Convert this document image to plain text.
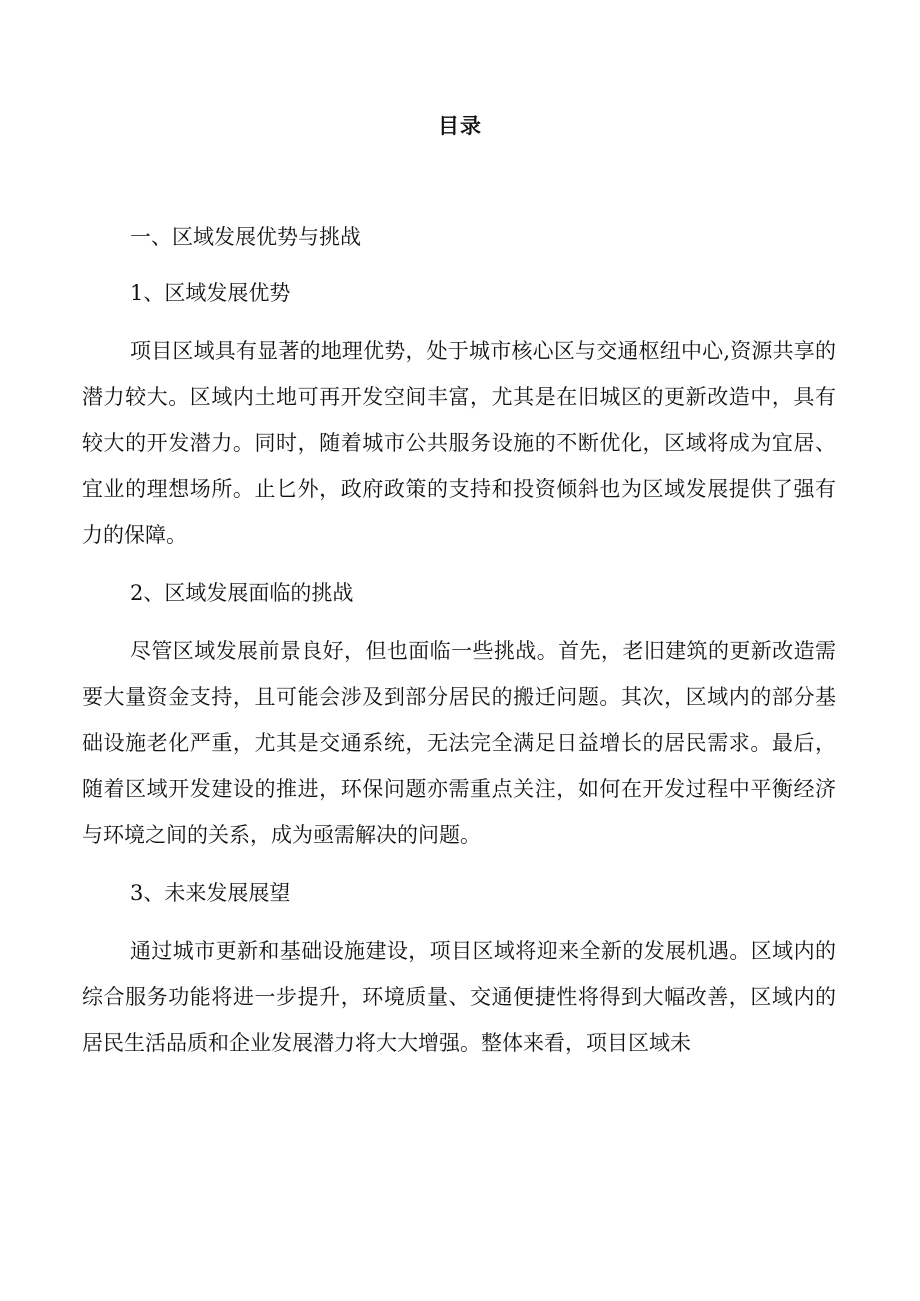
目录
一、区域发展优势与挑战
1、区域发展优势

项目区域具有显著的地理优势，处于城市核心区与交通枢纽中心,资源共享的潜力较大。区域内土地可再开发空间丰富，尤其是在旧城区的更新改造中，具有较大的开发潜力。同时，随着城市公共服务设施的不断优化，区域将成为宜居、宜业的理想场所。止匕外，政府政策的支持和投资倾斜也为区域发展提供了强有力的保障。

2、区域发展面临的挑战

尽管区域发展前景良好，但也面临一些挑战。首先，老旧建筑的更新改造需要大量资金支持，且可能会涉及到部分居民的搬迁问题。其次，区域内的部分基础设施老化严重，尤其是交通系统，无法完全满足日益增长的居民需求。最后，随着区域开发建设的推进，环保问题亦需重点关注，如何在开发过程中平衡经济与环境之间的关系，成为亟需解决的问题。

3、未来发展展望

通过城市更新和基础设施建设，项目区域将迎来全新的发展机遇。区域内的综合服务功能将进一步提升，环境质量、交通便捷性将得到大幅改善，区域内的居民生活品质和企业发展潜力将大大增强。整体来看，项目区域未
